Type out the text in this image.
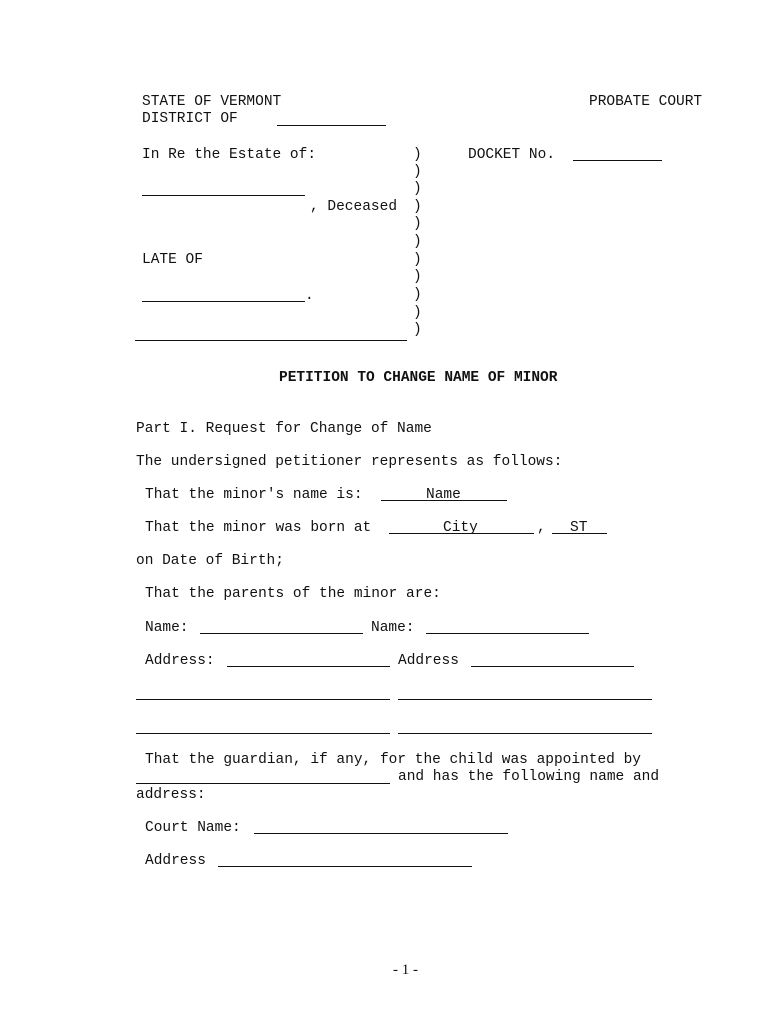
STATE OF VERMONT	PROBATE COURT
DISTRICT OF
In Re the Estate of:	DOCKET No.
, Deceased
LATE OF
.
)
)
)
)
)
)
)
)
)
)
)
PETITION TO CHANGE NAME OF MINOR
Part I. Request for Change of Name
The undersigned petitioner represents as follows:
That the minor's name is:	Name
That the minor was born at	City	, ST
on Date of Birth;
That the parents of the minor are:
Name:	Name:
Address:	Address
That the guardian, if any, for the child was appointed by
and has the following name and
address:
Court Name:
Address
- 1 -
